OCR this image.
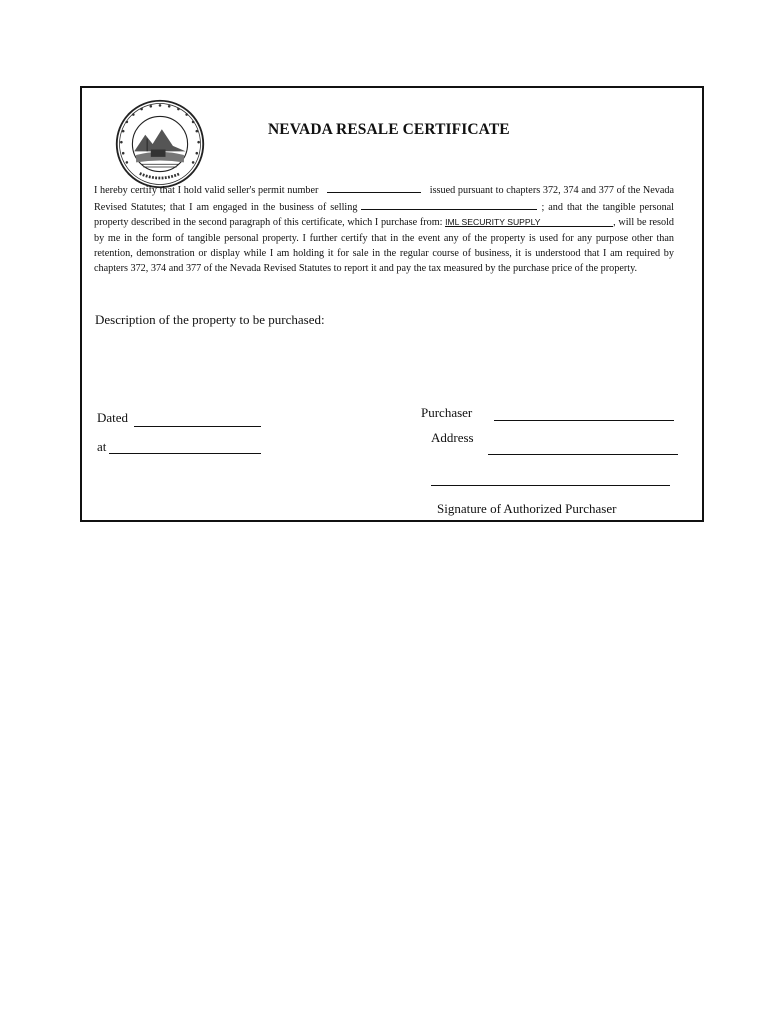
NEVADA RESALE CERTIFICATE
I hereby certify that I hold valid seller's permit number	issued pursuant to chapters 372, 374 and 377 of the Nevada Revised Statutes; that I am engaged in the business of selling	; and that the tangible personal property described in the second paragraph of this certificate, which I purchase from: IML SECURITY SUPPLY	, will be resold by me in the form of tangible personal property. I further certify that in the event any of the property is used for any purpose other than retention, demonstration or display while I am holding it for sale in the regular course of business, it is understood that I am required by chapters 372, 374 and 377 of the Nevada Revised Statutes to report it and pay the tax measured by the purchase price of the property.
Description of the property to be purchased:
Dated
at
Purchaser
Address
Signature of Authorized Purchaser
